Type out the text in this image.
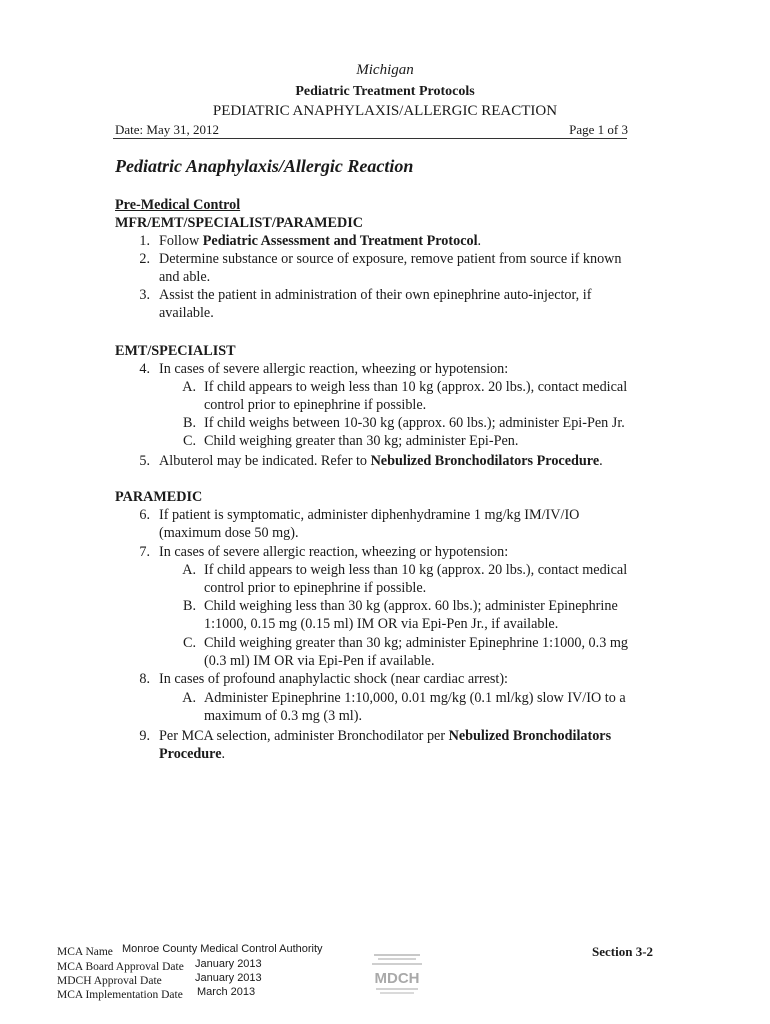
Michigan
Pediatric Treatment Protocols
PEDIATRIC ANAPHYLAXIS/ALLERGIC REACTION
Date: May 31, 2012	Page 1 of 3
Pediatric Anaphylaxis/Allergic Reaction
Pre-Medical Control
MFR/EMT/SPECIALIST/PARAMEDIC
1. Follow Pediatric Assessment and Treatment Protocol.
2. Determine substance or source of exposure, remove patient from source if known
and able.
3. Assist the patient in administration of their own epinephrine auto-injector, if
available.
EMT/SPECIALIST
4. In cases of severe allergic reaction, wheezing or hypotension:
A. If child appears to weigh less than 10 kg (approx. 20 lbs.), contact medical
control prior to epinephrine if possible.
B. If child weighs between 10-30 kg (approx. 60 lbs.); administer Epi-Pen Jr.
C. Child weighing greater than 30 kg; administer Epi-Pen.
5. Albuterol may be indicated. Refer to Nebulized Bronchodilators Procedure.
PARAMEDIC
6. If patient is symptomatic, administer diphenhydramine 1 mg/kg IM/IV/IO
(maximum dose 50 mg).
7. In cases of severe allergic reaction, wheezing or hypotension:
A. If child appears to weigh less than 10 kg (approx. 20 lbs.), contact medical
control prior to epinephrine if possible.
B. Child weighing less than 30 kg (approx. 60 lbs.); administer Epinephrine
1:1000, 0.15 mg (0.15 ml) IM OR via Epi-Pen Jr., if available.
C. Child weighing greater than 30 kg; administer Epinephrine 1:1000, 0.3 mg
(0.3 ml) IM OR via Epi-Pen if available.
8. In cases of profound anaphylactic shock (near cardiac arrest):
A. Administer Epinephrine 1:10,000, 0.01 mg/kg (0.1 ml/kg) slow IV/IO to a
maximum of 0.3 mg (3 ml).
9. Per MCA selection, administer Bronchodilator per Nebulized Bronchodilators
Procedure.
MCA Name Monroe County Medical Control Authority
MCA Board Approval Date January 2013
MDCH Approval Date	January 2013
MCA Implementation Date March 2013
MDCH
Section 3-2
